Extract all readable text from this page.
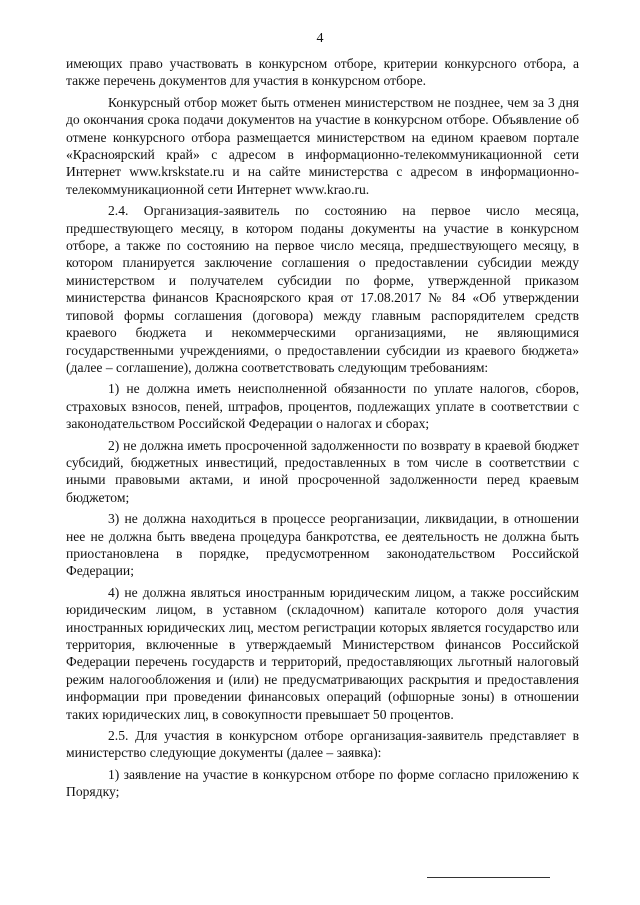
4

имеющих право участвовать в конкурсном отборе, критерии конкурсного отбора, а также перечень документов для участия в конкурсном отборе.

Конкурсный отбор может быть отменен министерством не позднее, чем за 3 дня до окончания срока подачи документов на участие в конкурсном отборе. Объявление об отмене конкурсного отбора размещается министерством на едином краевом портале «Красноярский край» с адресом в информационно-телекоммуникационной сети Интернет www.krskstate.ru и на сайте министерства с адресом в информационно-телекоммуникационной сети Интернет www.krao.ru.

2.4. Организация-заявитель по состоянию на первое число месяца, предшествующего месяцу, в котором поданы документы на участие в конкурсном отборе, а также по состоянию на первое число месяца, предшествующего месяцу, в котором планируется заключение соглашения о предоставлении субсидии между министерством и получателем субсидии по форме, утвержденной приказом министерства финансов Красноярского края от 17.08.2017 № 84 «Об утверждении типовой формы соглашения (договора) между главным распорядителем средств краевого бюджета и некоммерческими организациями, не являющимися государственными учреждениями, о предоставлении субсидии из краевого бюджета» (далее – соглашение), должна соответствовать следующим требованиям:

1) не должна иметь неисполненной обязанности по уплате налогов, сборов, страховых взносов, пеней, штрафов, процентов, подлежащих уплате в соответствии с законодательством Российской Федерации о налогах и сборах;

2) не должна иметь просроченной задолженности по возврату в краевой бюджет субсидий, бюджетных инвестиций, предоставленных в том числе в соответствии с иными правовыми актами, и иной просроченной задолженности перед краевым бюджетом;

3) не должна находиться в процессе реорганизации, ликвидации, в отношении нее не должна быть введена процедура банкротства, ее деятельность не должна быть приостановлена в порядке, предусмотренном законодательством Российской Федерации;

4) не должна являться иностранным юридическим лицом, а также российским юридическим лицом, в уставном (складочном) капитале которого доля участия иностранных юридических лиц, местом регистрации которых является государство или территория, включенные в утверждаемый Министерством финансов Российской Федерации перечень государств и территорий, предоставляющих льготный налоговый режим налогообложения и (или) не предусматривающих раскрытия и предоставления информации при проведении финансовых операций (офшорные зоны) в отношении таких юридических лиц, в совокупности превышает 50 процентов.

2.5. Для участия в конкурсном отборе организация-заявитель представляет в министерство следующие документы (далее – заявка):

1) заявление на участие в конкурсном отборе по форме согласно приложению к Порядку;
